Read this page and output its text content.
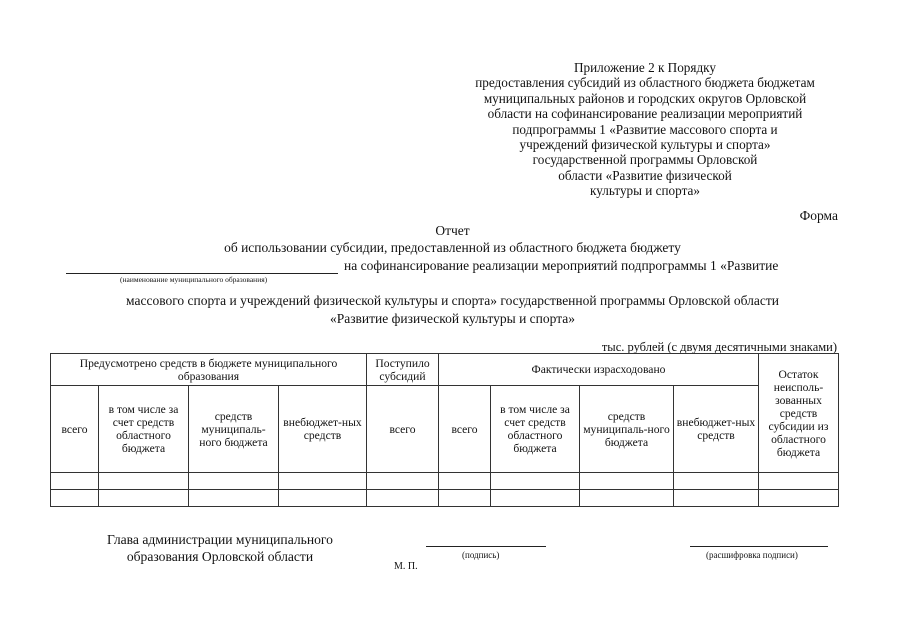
Приложение 2 к Порядку
предоставления субсидий из областного бюджета бюджетам
муниципальных районов и городских округов Орловской
области на софинансирование реализации мероприятий
подпрограммы 1 «Развитие массового спорта и
учреждений физической культуры и спорта»
государственной программы Орловской
области «Развитие физической
культуры и спорта»
Форма
Отчет
об использовании субсидии, предоставленной из областного бюджета бюджету
на софинансирование реализации мероприятий подпрограммы 1 «Развитие
(наименование муниципального образования)
массового спорта и учреждений физической культуры и спорта» государственной программы Орловской области
«Развитие физической культуры и спорта»
тыс. рублей (с двумя десятичными знаками)
Предусмотрено средств в бюджете муниципального образования				Поступило субсидий	Фактически израсходовано				Остаток неисполь-зованных средств субсидии из областного бюджета
всего	в том числе за счет средств областного бюджета	средств муниципаль-ного бюджета	внебюджет-ных средств	всего	всего	в том числе за счет средств областного бюджета	средств муниципаль-ного бюджета	внебюджет-ных средств	

Глава администрации муниципального образования Орловской области	(подпись)	(расшифровка подписи)
М. П.
